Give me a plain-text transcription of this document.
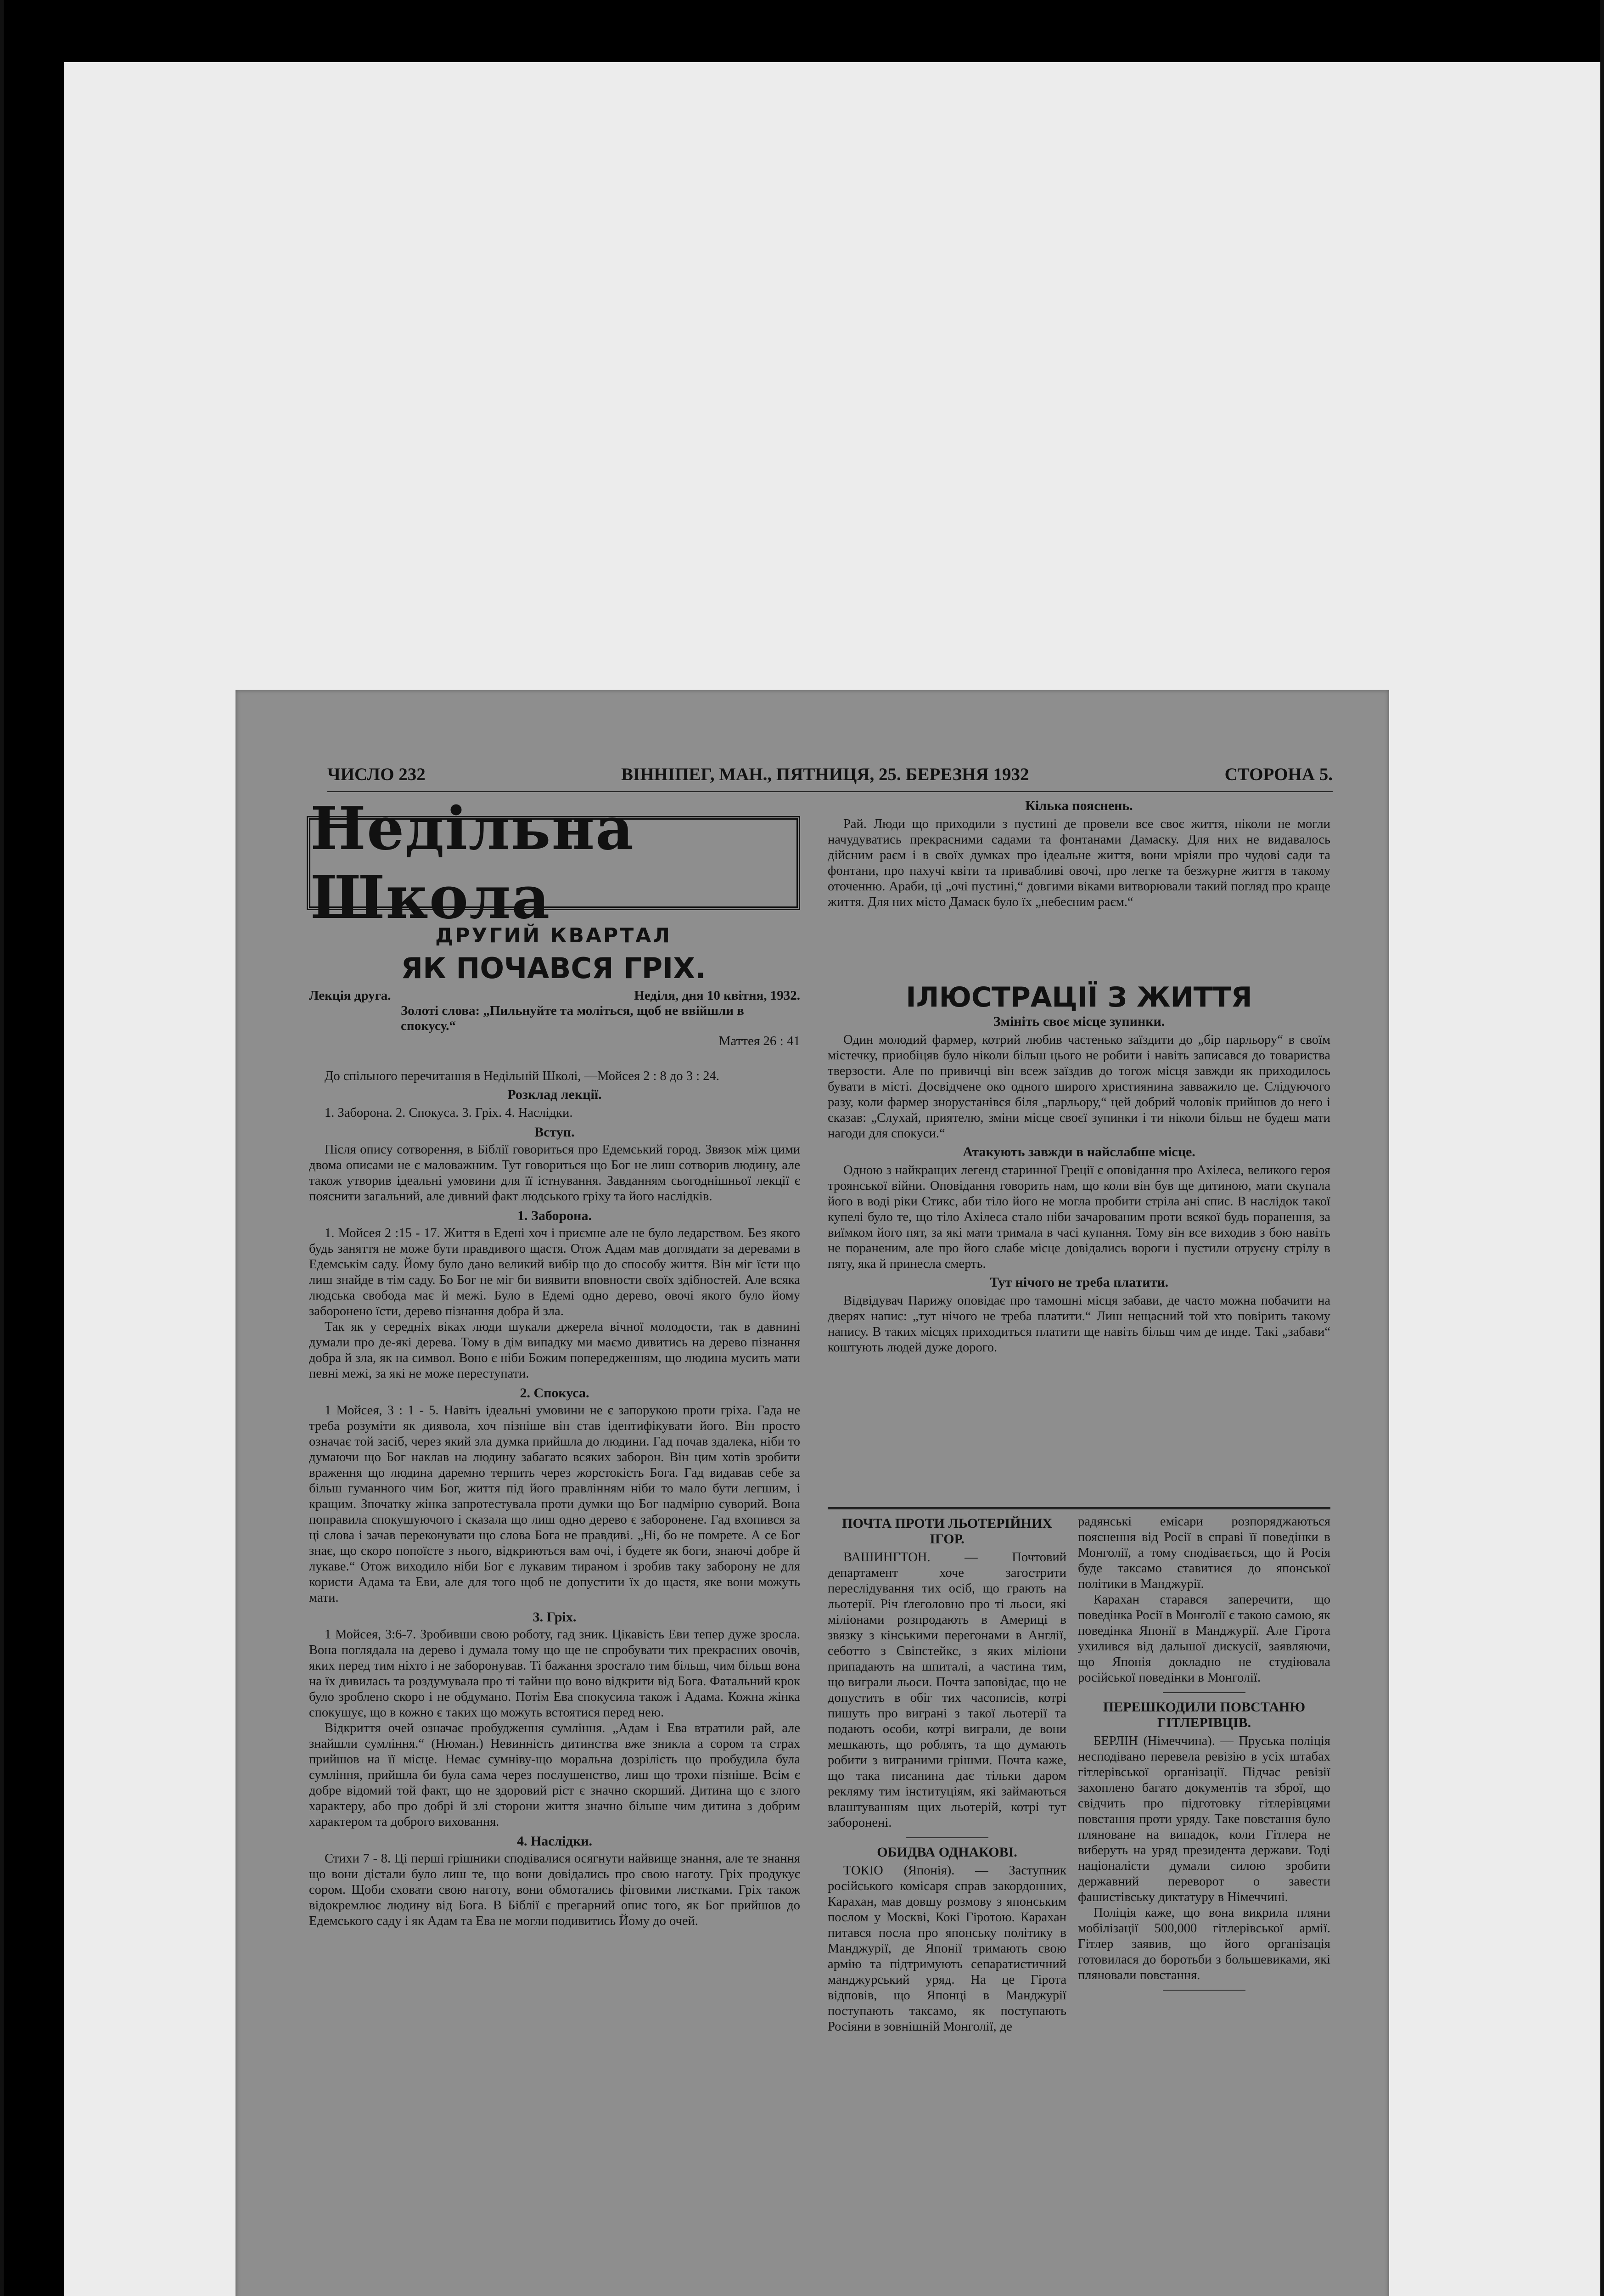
ЧИСЛО 232	ВІННІПЕГ, МАН., ПЯТНИЦЯ, 25. БЕРЕЗНЯ 1932	СТОРОНА 5.
Недільна Школа
ДРУГИЙ КВАРТАЛ
ЯК ПОЧАВСЯ ГРІХ.
Лекція друга.	Неділя, дня 10 квітня, 1932.
Золоті слова: „Пильнуйте та моліться, щоб не ввійшли в спокусу.“
Маттея 26 : 41

До спільного перечитання в Недільній Школі, —Мойсея 2 : 8 до 3 : 24.

Розклад лекції.

1. Заборона. 2. Спокуса. 3. Гріх. 4. Наслідки.

Вступ.

Після опису сотворення, в Біблії говориться про Едемський город. Звязок між цими двома описами не є маловажним. Тут говориться що Бог не лиш сотворив людину, але також утворив ідеальні умовини для її істнування. Завданням сьогоднішньої лекції є пояснити загальний, але дивний факт людського гріху та його наслідків.

1. Заборона.

1. Мойсея 2 :15 - 17. Життя в Едені хоч і приємне але не було ледарством. Без якого будь заняття не може бути правдивого щастя. Отож Адам мав доглядати за деревами в Едемськім саду. Йому було дано великий вибір що до способу життя. Він міг їсти що лиш знайде в тім саду. Бо Бог не міг би виявити вповности своїх здібностей. Але всяка людська свобода має й межі. Було в Едемі одно дерево, овочі якого було йому заборонено їсти, дерево пізнання добра й зла.

Так як у середніх віках люди шукали джерела вічної молодости, так в давнині думали про де-які дерева. Тому в дім випадку ми маємо дивитись на дерево пізнання добра й зла, як на символ. Воно є ніби Божим попередженням, що людина мусить мати певні межі, за які не може переступати.

2. Спокуса.

1 Мойсея, 3 : 1 - 5. Навіть ідеальні умовини не є запорукою проти гріха. Гада не треба розуміти як диявола, хоч пізніше він став ідентифікувати його. Він просто означає той засіб, через який зла думка прийшла до людини. Гад почав здалека, ніби то думаючи що Бог наклав на людину забагато всяких заборон. Він цим хотів зробити враження що людина даремно терпить через жорстокість Бога. Гад видавав себе за більш гуманного чим Бог, життя під його правлінням ніби то мало бути легшим, і кращим. Зпочатку жінка запротестувала проти думки що Бог надмірно суворий. Вона поправила спокушуючого і сказала що лиш одно дерево є заборонене. Гад вхопився за ці слова і зачав переконувати що слова Бога не правдиві. „Ні, бо не помрете. А се Бог знає, що скоро попоїсте з нього, відкриються вам очі, і будете як боги, знаючі добре й лукаве.“ Отож виходило ніби Бог є лукавим тираном і зробив таку заборону не для користи Адама та Еви, але для того щоб не допустити їх до щастя, яке вони можуть мати.

3. Гріх.

1 Мойсея, 3:6-7. Зробивши свою роботу, гад зник. Цікавість Еви тепер дуже зросла. Вона поглядала на дерево і думала тому що ще не спробувати тих прекрасних овочів, яких перед тим ніхто і не заборонував. Ті бажання зростало тим більш, чим більш вона на їх дивилась та роздумувала про ті тайни що воно відкрити від Бога. Фатальний крок було зроблено скоро і не обдумано. Потім Ева спокусила також і Адама. Кожна жінка спокушує, що в кожно є таких що можуть встоятися перед нею.

Відкриття очей означає пробудження сумління. „Адам і Ева втратили рай, але знайшли сумління.“ (Нюман.) Невинність дитинства вже зникла а сором та страх прийшов на її місце. Немає сумніву-що моральна дозрілість що пробудила була сумління, прийшла би була сама через послушенство, лиш що трохи пізніше. Всім є добре відомий той факт, що не здоровий ріст є значно скорший. Дитина що є злого характеру, або про добрі й злі сторони життя значно більше чим дитина з добрим характером та доброго виховання.

4. Наслідки.

Стихи 7 - 8. Ці перші грішники сподівалися осягнути найвище знання, але те знання що вони дістали було лиш те, що вони довідались про свою наготу. Гріх продукує сором. Щоби сховати свою наготу, вони обмотались фіговими листками. Гріх також відокремлює людину від Бога. В Біблії є прегарний опис того, як Бог прийшов до Едемського саду і як Адам та Ева не могли подивитись Йому до очей.

Кілька пояснень.

Рай. Люди що приходили з пустині де провели все своє життя, ніколи не могли начудуватись прекрасними садами та фонтанами Дамаску. Для них не видавалось дійсним раєм і в своїх думках про ідеальне життя, вони мріяли про чудові сади та фонтани, про пахучі квіти та привабливі овочі, про легке та безжурне життя в такому оточенню. Араби, ці „очі пустині,“ довгими віками витворювали такий погляд про краще життя. Для них місто Дамаск було їх „небесним раєм.“

ІЛЮСТРАЦІЇ З ЖИТТЯ
Змініть своє місце зупинки.

Один молодий фармер, котрий любив частенько заїздити до „бір парльору“ в своїм містечку, приобіцяв було ніколи більш цього не робити і навіть записався до товариства тверзости. Але по привичці він всеж заїздив до тогож місця завжди як приходилось бувати в місті. Досвідчене око одного широго християнина завважило це. Слідуючого разу, коли фармер знорустанівся біля „парльору,“ цей добрий чоловік прийшов до него і сказав: „Слухай, приятелю, зміни місце своєї зупинки і ти ніколи більш не будеш мати нагоди для спокуси.“

Атакують завжди в найслабше місце.

Одною з найкращих легенд старинної Греції є оповідання про Ахілеса, великого героя троянської війни. Оповідання говорить нам, що коли він був ще дитиною, мати скупала його в воді ріки Стикс, аби тіло його не могла пробити стріла ані спис. В наслідок такої купелі було те, що тіло Ахілеса стало ніби зачарованим проти всякої будь поранення, за виїмком його пят, за які мати тримала в часі купання. Тому він все виходив з бою навіть не пораненим, але про його слабе місце довідались вороги і пустили отруєну стрілу в пяту, яка й принесла смерть.

Тут нічого не треба платити.

Відвідувач Парижу оповідає про тамошні місця забави, де часто можна побачити на дверях напис: „тут нічого не треба платити.“ Лиш нещасний той хто повірить такому напису. В таких місцях приходиться платити ще навіть більш чим де инде. Такі „забави“ коштують людей дуже дорого.

ПОЧТА ПРОТИ ЛЬОТЕРІЙНИХ ІГОР.

ВАШИНГТОН. — Почтовий департамент хоче загострити переслідування тих осіб, що грають на льотерії. Річ ґлеголовно про ті льоси, які міліонами розпродають в Америці в звязку з кінськими перегонами в Англії, себотто з Свіпстейкс, з яких міліони припадають на шпиталі, а частина тим, що виграли льоси. Почта заповідає, що не допустить в обіг тих часописів, котрі пишуть про виграні з такої льотерії та подають особи, котрі виграли, де вони мешкають, що роблять, та що думають робити з виграними грішми. Почта каже, що така писанина дає тільки даром рекляму тим інституціям, які займаються влаштуванням щих льотерій, котрі тут заборонені.

ОБИДВА ОДНАКОВІ.

ТОКІО (Японія). — Заступник російського комісаря справ закордонних, Карахан, мав довшу розмову з японським послом у Москві, Кокі Гіротою. Карахан питався посла про японську політику в Манджурії, де Японії тримають свою армію та підтримують сепаратистичний манджурський уряд. На це Гірота відповів, що Японці в Манджурії поступають таксамо, як поступають Росіяни в зовнішній Монголії, де

радянські емісари розпоряджаються пояснення від Росії в справі її поведінки в Монголії, а тому сподівається, що й Росія буде таксамо ставитися до японської політики в Манджурії.

Карахан старався заперечити, що поведінка Росії в Монголії є такою самою, як поведінка Японії в Манджурії. Але Гірота ухилився від дальшої дискусії, заявляючи, що Японія докладно не студіювала російської поведінки в Монголії.

ПЕРЕШКОДИЛИ ПОВСТАНЮ ГІТЛЕРІВЦІВ.

БЕРЛІН (Німеччина). — Пруська поліція несподівано перевела ревізію в усіх штабах гітлерівської організації. Підчас ревізії захоплено багато документів та зброї, що свідчить про підготовку гітлерівцями повстання проти уряду. Таке повстання було пляноване на випадок, коли Гітлера не виберуть на уряд президента держави. Тоді націоналісти думали силою зробити державний переворот о завести фашистівську диктатуру в Німеччині.

Поліція каже, що вона викрила пляни мобілізації 500,000 гітлерівської армії. Гітлер заявив, що його організація готовилася до боротьби з большевиками, які пляновали повстання.
